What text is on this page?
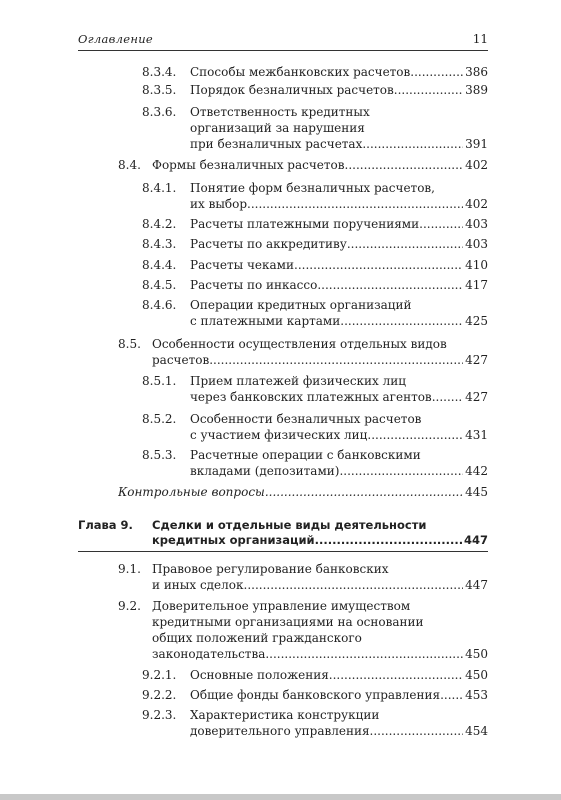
Оглавление	11
8.3.4. Способы межбанковских расчетов .....	386
8.3.5. Порядок безналичных расчетов .....	389
8.3.6. Ответственность кредитных
организаций за нарушения
при безналичных расчетах .....	391
8.4. Формы безналичных расчетов .....	402
8.4.1. Понятие форм безналичных расчетов,
их выбор .....	402
8.4.2. Расчеты платежными поручениями .....	403
8.4.3. Расчеты по аккредитиву .....	403
8.4.4. Расчеты чеками .....	410
8.4.5. Расчеты по инкассо .....	417
8.4.6. Операции кредитных организаций
с платежными картами .....	425
8.5. Особенности осуществления отдельных видов
расчетов .....	427
8.5.1. Прием платежей физических лиц
через банковских платежных агентов .....	427
8.5.2. Особенности безналичных расчетов
с участием физических лиц .....	431
8.5.3. Расчетные операции с банковскими
вкладами (депозитами) .....	442
Контрольные вопросы .....	445
Глава 9. Сделки и отдельные виды деятельности
кредитных организаций .....	447
9.1. Правовое регулирование банковских
и иных сделок .....	447
9.2. Доверительное управление имуществом
кредитными организациями на основании
общих положений гражданского
законодательства .....	450
9.2.1. Основные положения .....	450
9.2.2. Общие фонды банковского управления ..... 453
9.2.3. Характеристика конструкции
доверительного управления .....	454
